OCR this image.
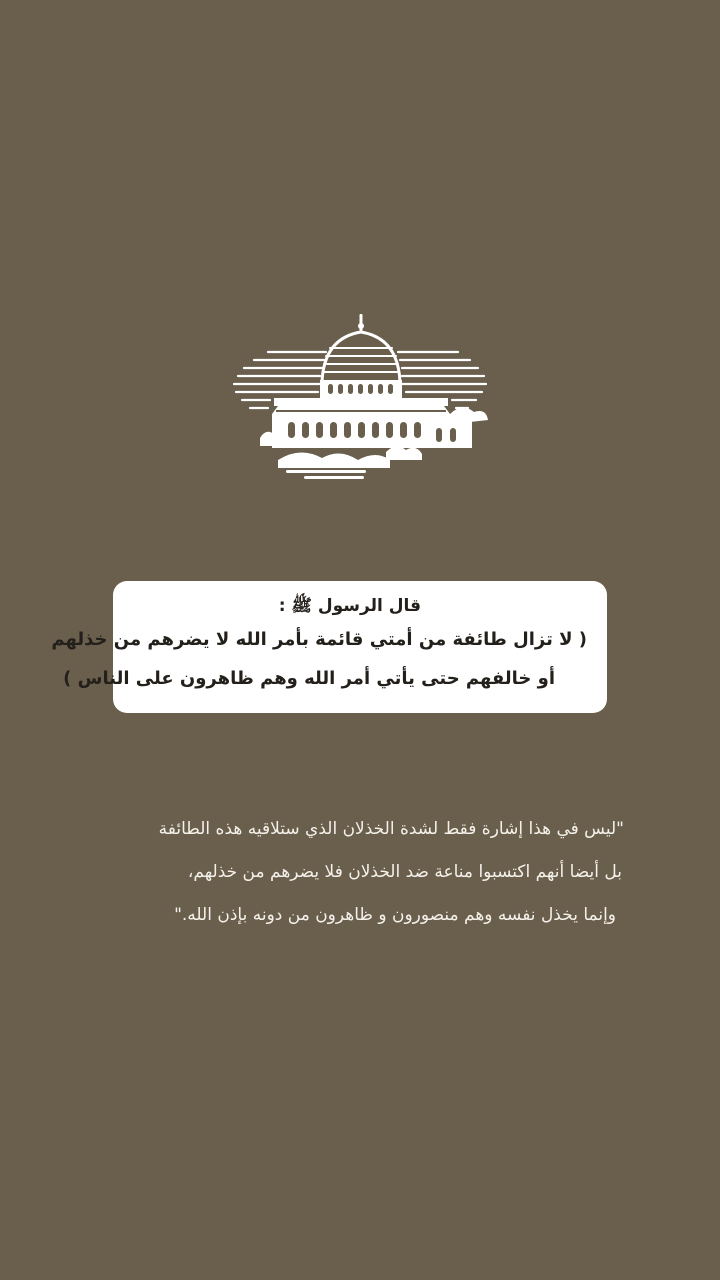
قال الرسول ﷺ :
( لا تزال طائفة من أمتي قائمة بأمر الله لا يضرهم من خذلهم
أو خالفهم حتى يأتي أمر الله وهم ظاهرون على الناس )
"ليس في هذا إشارة فقط لشدة الخذلان الذي ستلاقيه هذه الطائفة
بل أيضا أنهم اكتسبوا مناعة ضد الخذلان فلا يضرهم من خذلهم،
وإنما يخذل نفسه وهم منصورون و ظاهرون من دونه بإذن الله."
